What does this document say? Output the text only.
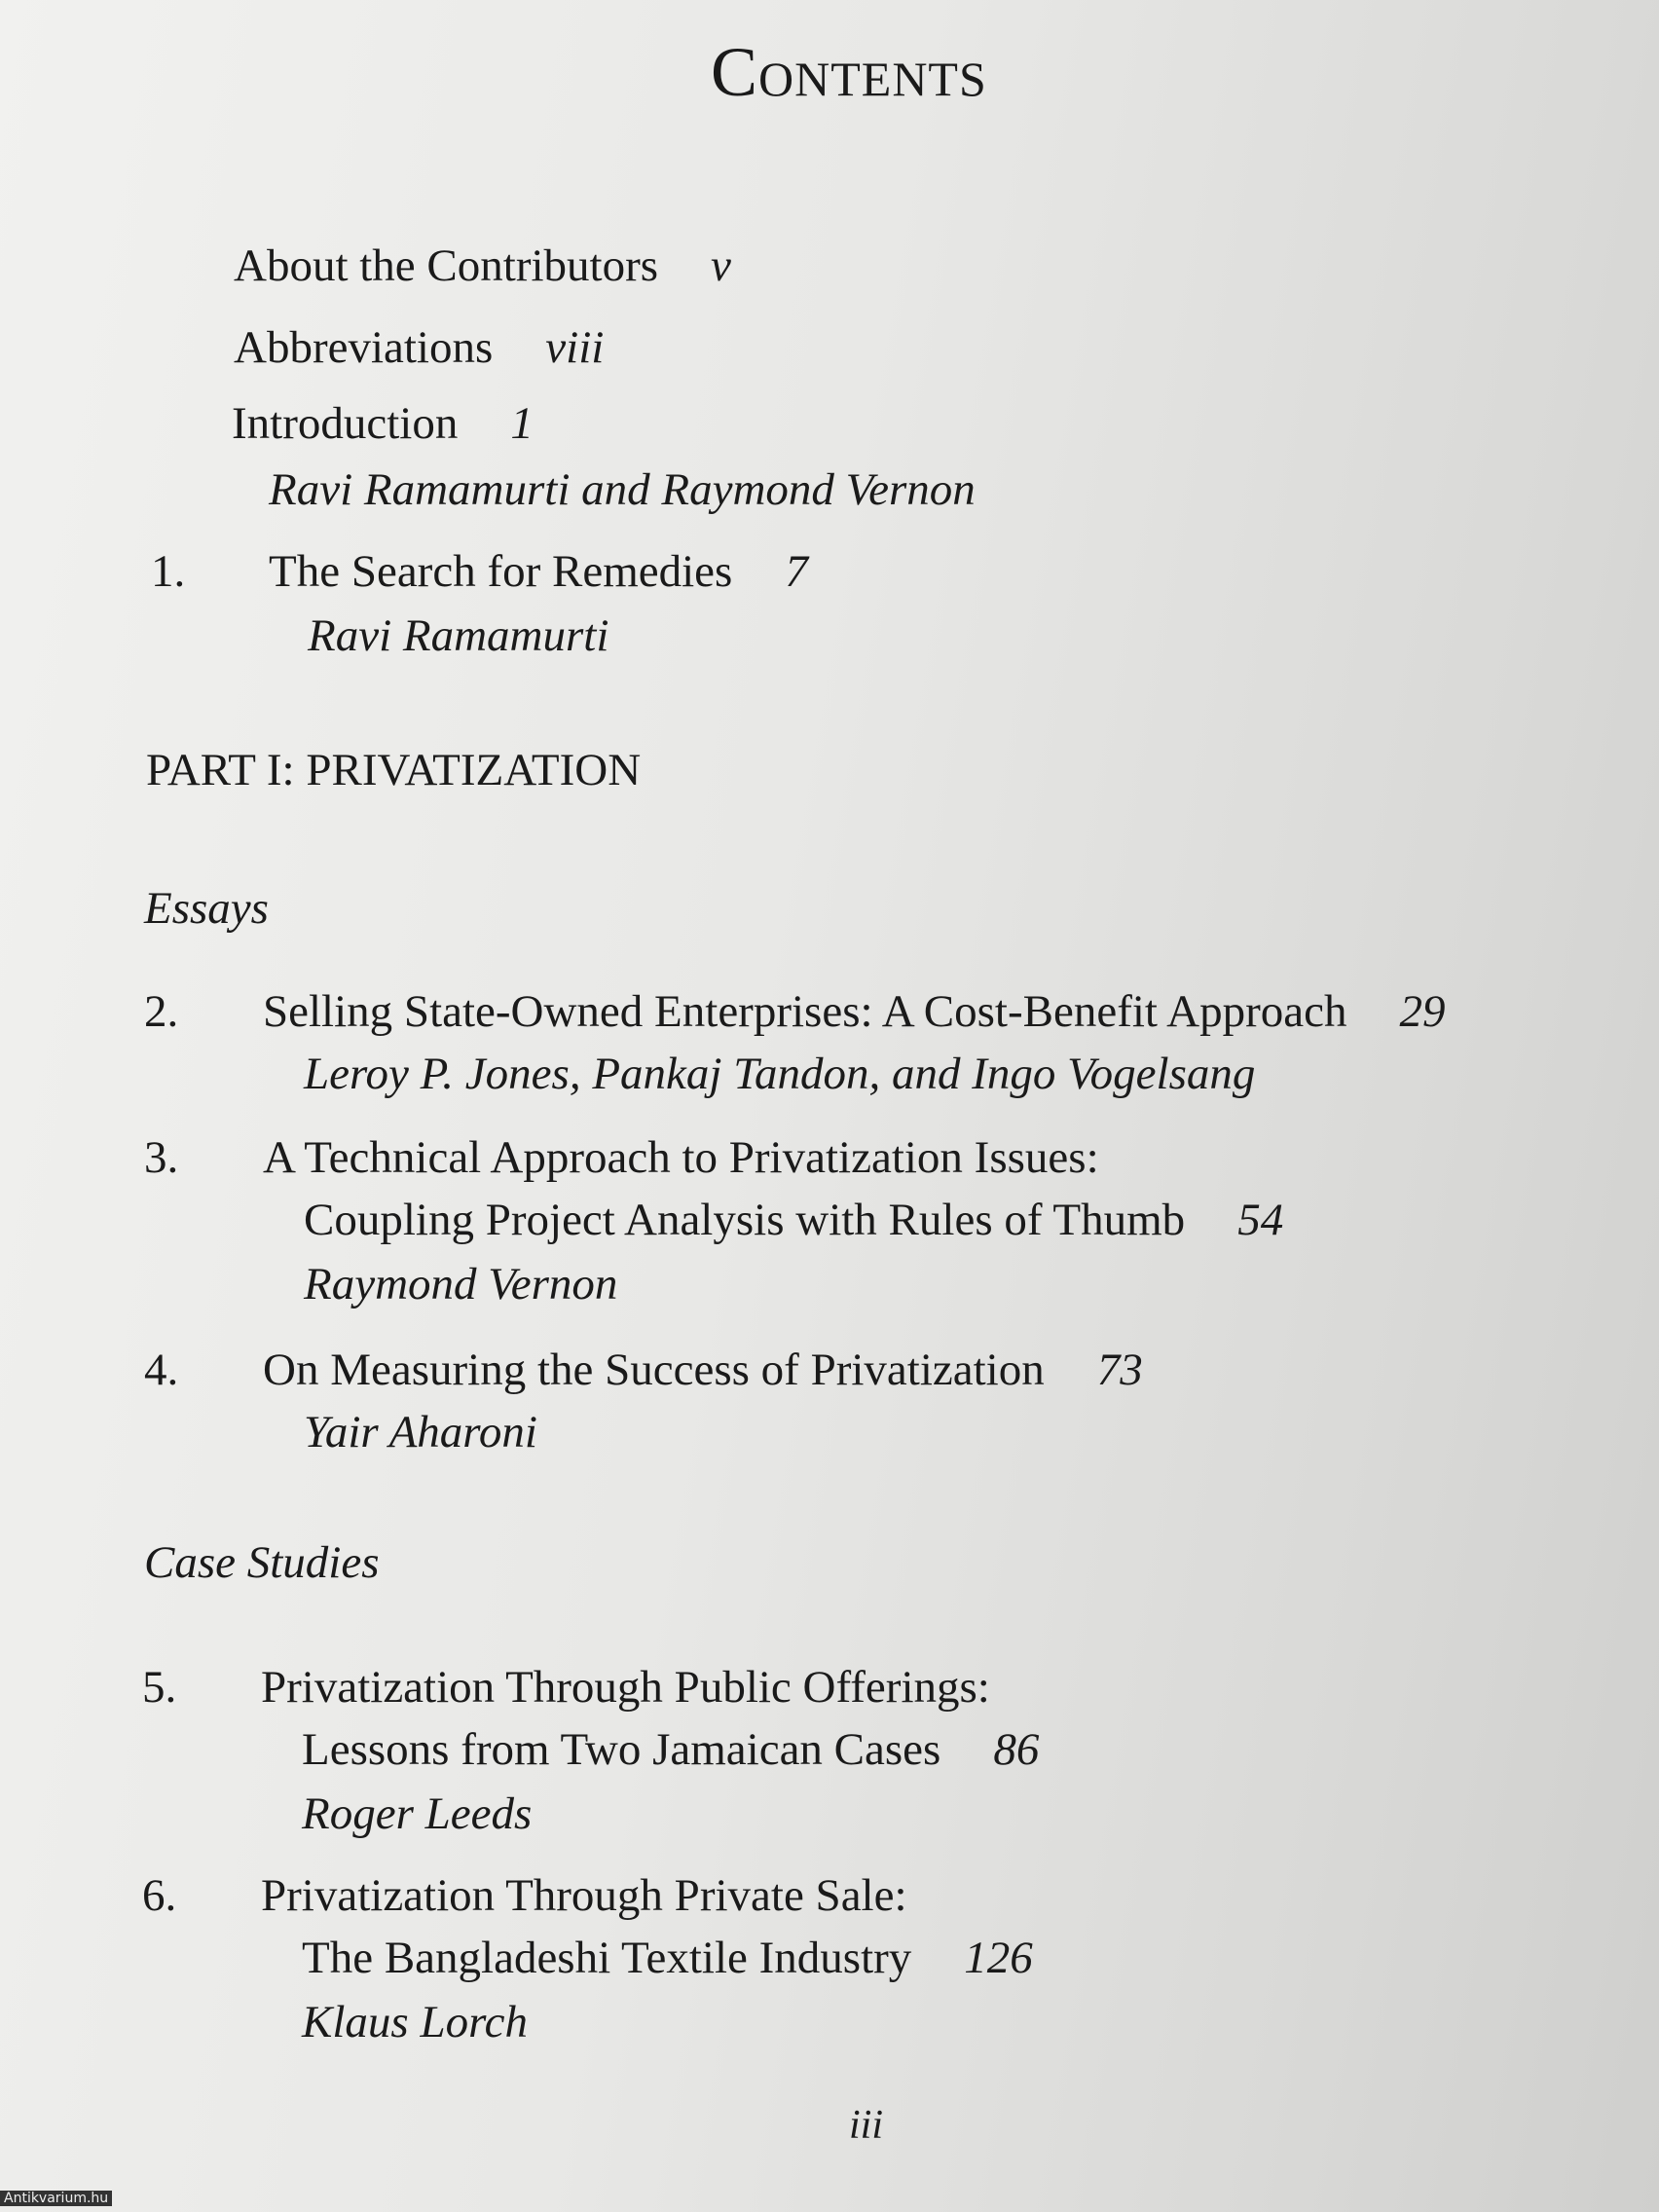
Contents
About the Contributors v
Abbreviations viii
Introduction 1
Ravi Ramamurti and Raymond Vernon
1. The Search for Remedies 7
Ravi Ramamurti
PART I: PRIVATIZATION
Essays
2. Selling State-Owned Enterprises: A Cost-Benefit Approach 29
Leroy P. Jones, Pankaj Tandon, and Ingo Vogelsang
3. A Technical Approach to Privatization Issues:
Coupling Project Analysis with Rules of Thumb 54
Raymond Vernon
4. On Measuring the Success of Privatization 73
Yair Aharoni
Case Studies
5. Privatization Through Public Offerings:
Lessons from Two Jamaican Cases 86
Roger Leeds
6. Privatization Through Private Sale:
The Bangladeshi Textile Industry 126
Klaus Lorch
iii
Antikvarium.hu
